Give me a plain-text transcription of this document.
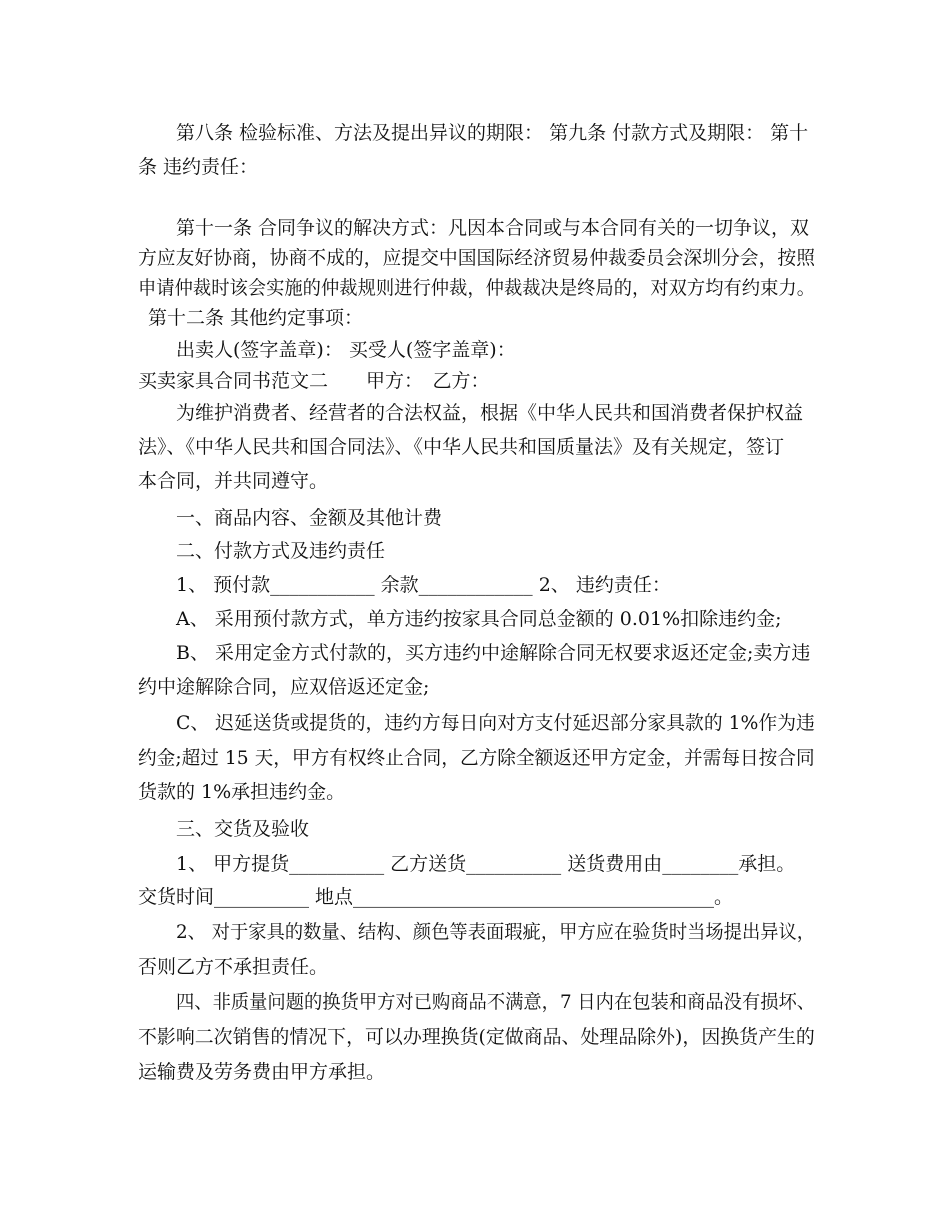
第八条 检验标准、方法及提出异议的期限： 第九条 付款方式及期限： 第十
条 违约责任：
第十一条 合同争议的解决方式：凡因本合同或与本合同有关的一切争议，双
方应友好协商，协商不成的，应提交中国国际经济贸易仲裁委员会深圳分会，按照
申请仲裁时该会实施的仲裁规则进行仲裁，仲裁裁决是终局的，对双方均有约束力。
第十二条 其他约定事项：
出卖人(签字盖章)： 买受人(签字盖章)：
买卖家具合同书范文二　　甲方：　乙方：
为维护消费者、经营者的合法权益，根据《中华人民共和国消费者保护权益
法》、《中华人民共和国合同法》、《中华人民共和国质量法》及有关规定，签订
本合同，并共同遵守。
一、商品内容、金额及其他计费
二、付款方式及违约责任
1、 预付款___________ 余款____________ 2、 违约责任：
A、 采用预付款方式，单方违约按家具合同总金额的 0.01%扣除违约金;
B、 采用定金方式付款的，买方违约中途解除合同无权要求返还定金;卖方违
约中途解除合同，应双倍返还定金;
C、 迟延送货或提货的，违约方每日向对方支付延迟部分家具款的 1%作为违
约金;超过 15 天，甲方有权终止合同，乙方除全额返还甲方定金，并需每日按合同
货款的 1%承担违约金。
三、交货及验收
1、 甲方提货__________ 乙方送货__________ 送货费用由________承担。
交货时间__________ 地点______________________________________。
2、 对于家具的数量、结构、颜色等表面瑕疵，甲方应在验货时当场提出异议，
否则乙方不承担责任。
四、非质量问题的换货甲方对已购商品不满意，7 日内在包装和商品没有损坏、
不影响二次销售的情况下，可以办理换货(定做商品、处理品除外)，因换货产生的
运输费及劳务费由甲方承担。
